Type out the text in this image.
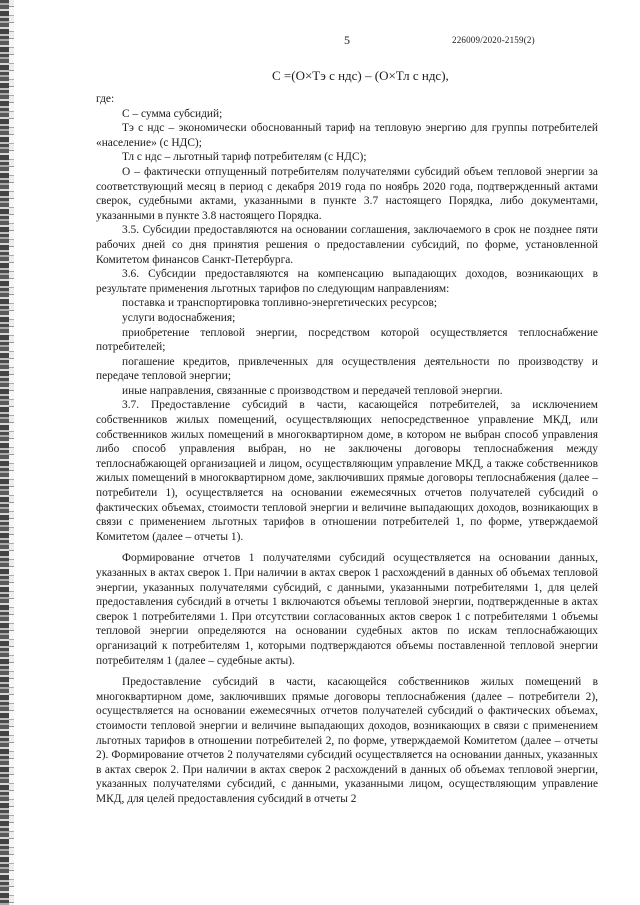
5	226009/2020-2159(2)
С =(О×Тэ с ндс) – (О×Тл с ндс),

где:

С – сумма субсидий;

Тэ с ндс – экономически обоснованный тариф на тепловую энергию для группы потребителей «население» (с НДС);

Тл с ндс – льготный тариф потребителям (с НДС);

О – фактически отпущенный потребителям получателями субсидий объем тепловой энергии за соответствующий месяц в период с декабря 2019 года по ноябрь 2020 года, подтвержденный актами сверок, судебными актами, указанными в пункте 3.7 настоящего Порядка, либо документами, указанными в пункте 3.8 настоящего Порядка.

3.5. Субсидии предоставляются на основании соглашения, заключаемого в срок не позднее пяти рабочих дней со дня принятия решения о предоставлении субсидий, по форме, установленной Комитетом финансов Санкт-Петербурга.

3.6. Субсидии предоставляются на компенсацию выпадающих доходов, возникающих в результате применения льготных тарифов по следующим направлениям:

поставка и транспортировка топливно-энергетических ресурсов;

услуги водоснабжения;

приобретение тепловой энергии, посредством которой осуществляется теплоснабжение потребителей;

погашение кредитов, привлеченных для осуществления деятельности по производству и передаче тепловой энергии;

иные направления, связанные с производством и передачей тепловой энергии.

3.7. Предоставление субсидий в части, касающейся потребителей, за исключением собственников жилых помещений, осуществляющих непосредственное управление МКД, или собственников жилых помещений в многоквартирном доме, в котором не выбран способ управления либо способ управления выбран, но не заключены договоры теплоснабжения между теплоснабжающей организацией и лицом, осуществляющим управление МКД, а также собственников жилых помещений в многоквартирном доме, заключивших прямые договоры теплоснабжения (далее – потребители 1), осуществляется на основании ежемесячных отчетов получателей субсидий о фактических объемах, стоимости тепловой энергии и величине выпадающих доходов, возникающих в связи с применением льготных тарифов в отношении потребителей 1, по форме, утверждаемой Комитетом (далее – отчеты 1).

Формирование отчетов 1 получателями субсидий осуществляется на основании данных, указанных в актах сверок 1. При наличии в актах сверок 1 расхождений в данных об объемах тепловой энергии, указанных получателями субсидий, с данными, указанными потребителями 1, для целей предоставления субсидий в отчеты 1 включаются объемы тепловой энергии, подтвержденные в актах сверок 1 потребителями 1. При отсутствии согласованных актов сверок 1 с потребителями 1 объемы тепловой энергии определяются на основании судебных актов по искам теплоснабжающих организаций к потребителям 1, которыми подтверждаются объемы поставленной тепловой энергии потребителям 1 (далее – судебные акты).

Предоставление субсидий в части, касающейся собственников жилых помещений в многоквартирном доме, заключивших прямые договоры теплоснабжения (далее – потребители 2), осуществляется на основании ежемесячных отчетов получателей субсидий о фактических объемах, стоимости тепловой энергии и величине выпадающих доходов, возникающих в связи с применением льготных тарифов в отношении потребителей 2, по форме, утверждаемой Комитетом (далее – отчеты 2). Формирование отчетов 2 получателями субсидий осуществляется на основании данных, указанных в актах сверок 2. При наличии в актах сверок 2 расхождений в данных об объемах тепловой энергии, указанных получателями субсидий, с данными, указанными лицом, осуществляющим управление МКД, для целей предоставления субсидий в отчеты 2
